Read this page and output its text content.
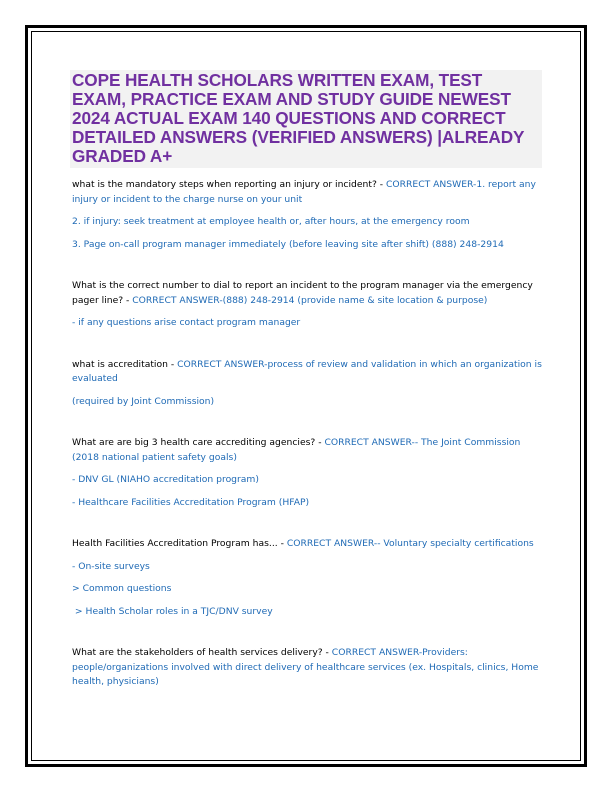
COPE HEALTH SCHOLARS WRITTEN EXAM, TEST EXAM, PRACTICE EXAM AND STUDY GUIDE NEWEST 2024 ACTUAL EXAM 140 QUESTIONS AND CORRECT DETAILED ANSWERS (VERIFIED ANSWERS) |ALREADY GRADED A+

what is the mandatory steps when reporting an injury or incident? - CORRECT ANSWER-1. report any injury or incident to the charge nurse on your unit

2. if injury: seek treatment at employee health or, after hours, at the emergency room

3. Page on-call program manager immediately (before leaving site after shift) (888) 248-2914

What is the correct number to dial to report an incident to the program manager via the emergency pager line? - CORRECT ANSWER-(888) 248-2914 (provide name & site location & purpose)

- if any questions arise contact program manager

what is accreditation - CORRECT ANSWER-process of review and validation in which an organization is evaluated

(required by Joint Commission)

What are are big 3 health care accrediting agencies? - CORRECT ANSWER-- The Joint Commission (2018 national patient safety goals)

- DNV GL (NIAHO accreditation program)

- Healthcare Facilities Accreditation Program (HFAP)

Health Facilities Accreditation Program has... - CORRECT ANSWER-- Voluntary specialty certifications

- On-site surveys

> Common questions

> Health Scholar roles in a TJC/DNV survey

What are the stakeholders of health services delivery? - CORRECT ANSWER-Providers: people/organizations involved with direct delivery of healthcare services (ex. Hospitals, clinics, Home health, physicians)
